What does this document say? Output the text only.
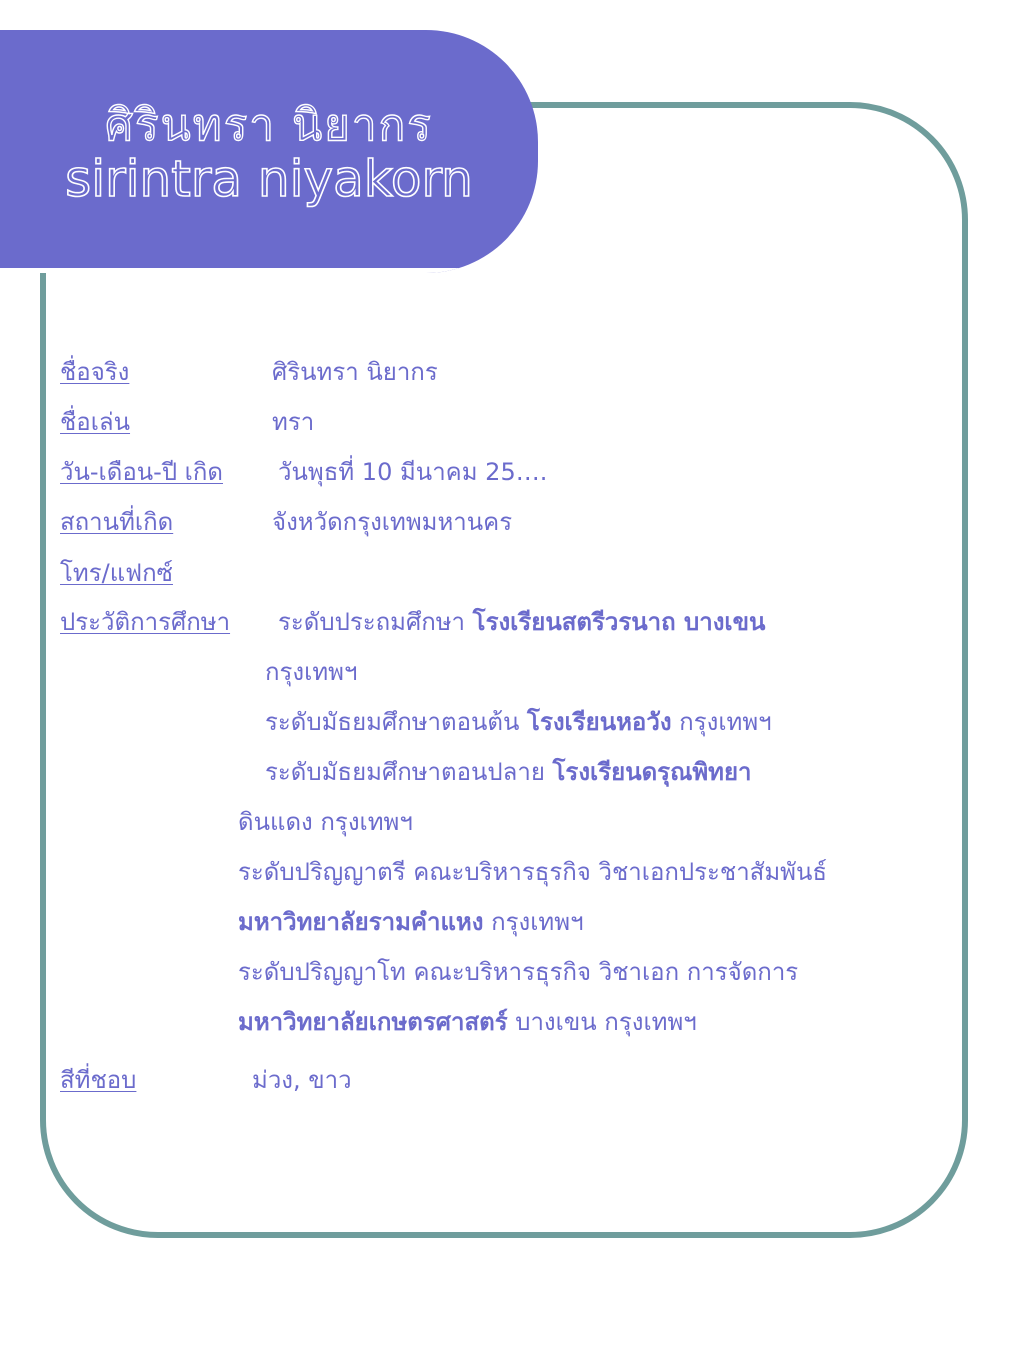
ศิรินทรา นิยากร
sirintra niyakorn
ชื่อจริง	ศิรินทรา นิยากร
ชื่อเล่น	ทรา
วัน-เดือน-ปี เกิด วันพุธที่ 10 มีนาคม 25….
สถานที่เกิด	จังหวัดกรุงเทพมหานคร
โทร/แฟกซ์
ประวัติการศึกษา ระดับประถมศึกษา โรงเรียนสตรีวรนาถ บางเขน
กรุงเทพฯ
ระดับมัธยมศึกษาตอนต้น โรงเรียนหอวัง กรุงเทพฯ
ระดับมัธยมศึกษาตอนปลาย โรงเรียนดรุณพิทยา
ดินแดง กรุงเทพฯ
ระดับปริญญาตรี คณะบริหารธุรกิจ วิชาเอกประชาสัมพันธ์
มหาวิทยาลัยรามคำแหง กรุงเทพฯ
ระดับปริญญาโท คณะบริหารธุรกิจ วิชาเอก การจัดการ
มหาวิทยาลัยเกษตรศาสตร์ บางเขน กรุงเทพฯ
สีที่ชอบ	ม่วง, ขาว
